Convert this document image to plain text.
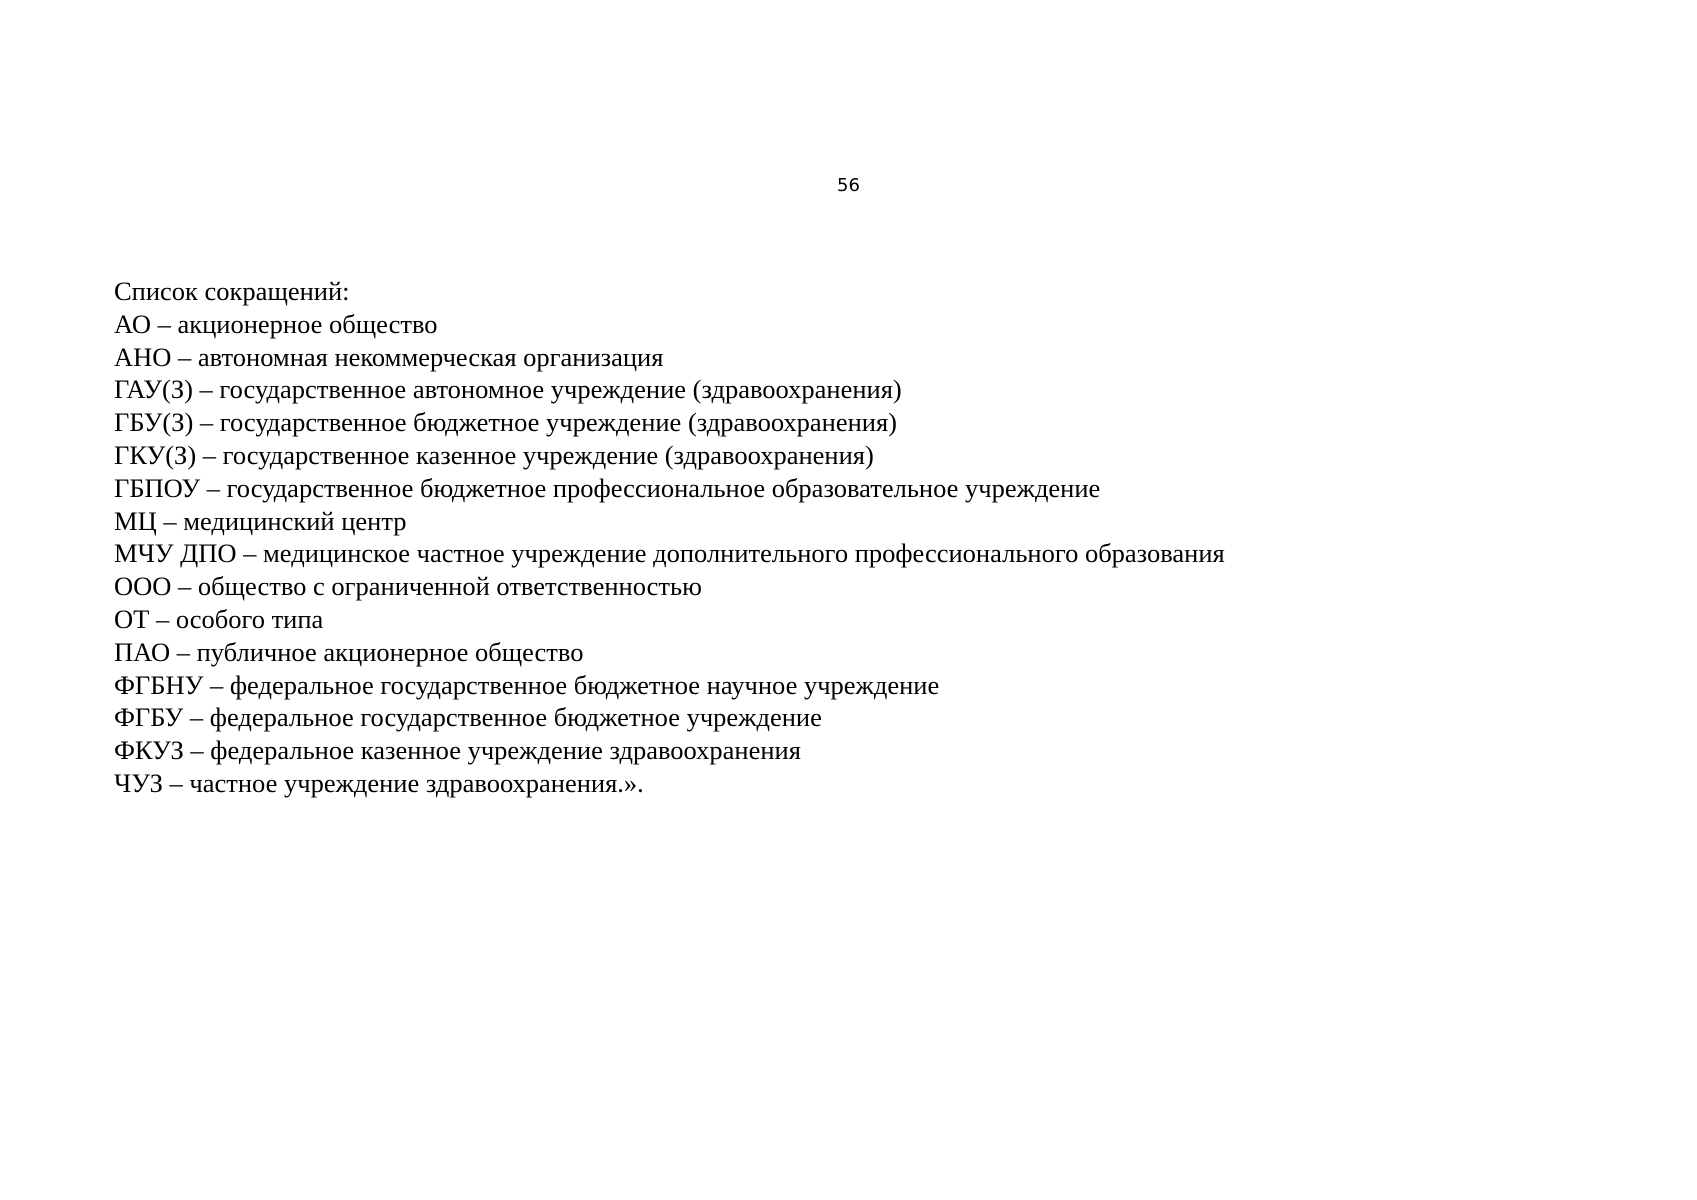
56
Список сокращений:
АО – акционерное общество
АНО – автономная некоммерческая организация
ГАУ(З) – государственное автономное учреждение (здравоохранения)
ГБУ(З) – государственное бюджетное учреждение (здравоохранения)
ГКУ(З) – государственное казенное учреждение (здравоохранения)
ГБПОУ – государственное бюджетное профессиональное образовательное учреждение
МЦ – медицинский центр
МЧУ ДПО – медицинское частное учреждение дополнительного профессионального образования
ООО – общество с ограниченной ответственностью
ОТ – особого типа
ПАО – публичное акционерное общество
ФГБНУ – федеральное государственное бюджетное научное учреждение
ФГБУ – федеральное государственное бюджетное учреждение
ФКУЗ – федеральное казенное учреждение здравоохранения
ЧУЗ – частное учреждение здравоохранения.».
